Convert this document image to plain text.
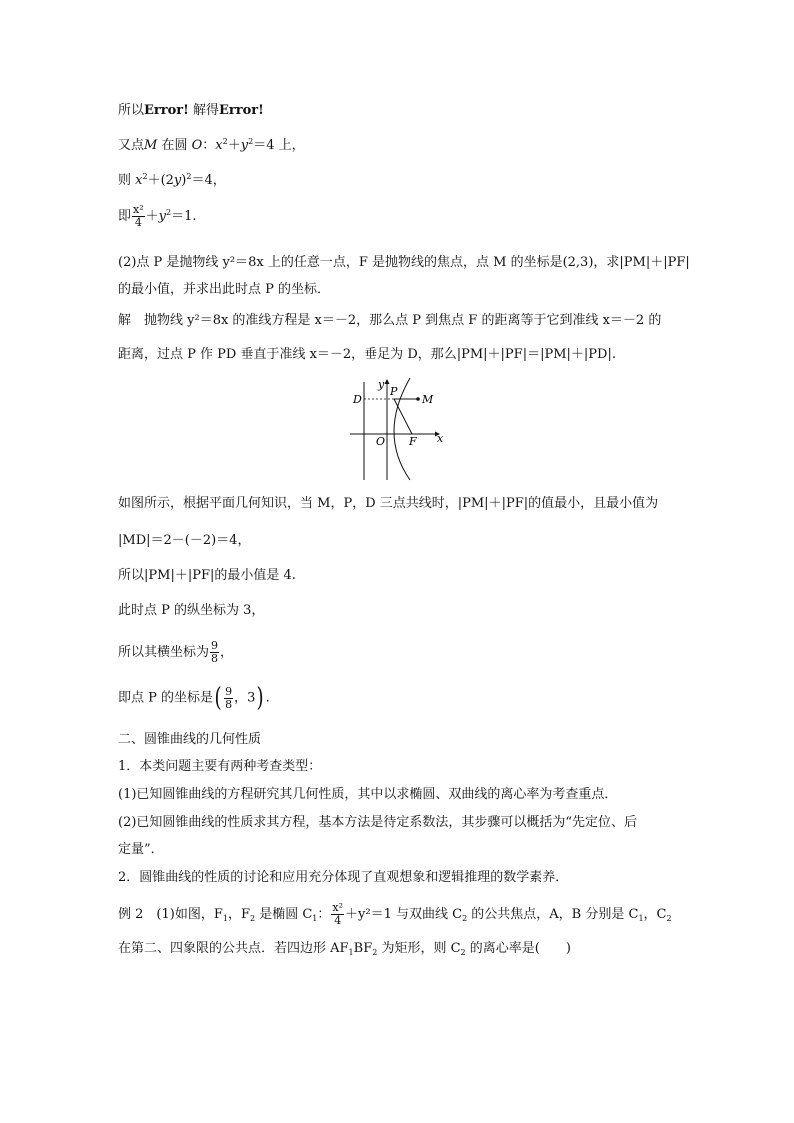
所以Error! 解得Error!
又点M 在圆 O：$x^2+y^2=4$ 上，
则 $x^2+(2y)^2=4$，
即 $\frac{\text{x²}}{4} +y^2=1$.
(2)点 P 是抛物线 y²＝8x 上的任意一点，F 是抛物线的焦点，点 M 的坐标是(2,3)，求|PM|＋|PF|
的最小值，并求出此时点 P 的坐标．
解　抛物线 y²＝8x 的准线方程是 x＝－2，那么点 P 到焦点 F 的距离等于它到准线 x＝－2 的
距离，过点 P 作 PD 垂直于准线 x＝－2，垂足为 D，那么|PM|＋|PF|＝|PM|＋|PD|.
y
P
M
D
O F x
如图所示，根据平面几何知识，当 M，P，D 三点共线时，|PM|＋|PF|的值最小，且最小值为
|MD|＝2－(－2)＝4，
所以|PM|＋|PF|的最小值是 4.
此时点 P 的纵坐标为 3，
所以其横坐标为 $\frac{9}{8}$ ，
即点 P 的坐标是( $\frac{9}{8}$ ，3) .
二、圆锥曲线的几何性质
1．本类问题主要有两种考查类型：
(1)已知圆锥曲线的方程研究其几何性质，其中以求椭圆、双曲线的离心率为考查重点．
(2)已知圆锥曲线的性质求其方程，基本方法是待定系数法，其步骤可以概括为“先定位、后
定量”．
2．圆锥曲线的性质的讨论和应用充分体现了直观想象和逻辑推理的数学素养．
例 2　(1)如图，$F_1$，$F_2$ 是椭圆 $C_1$： $\frac{\text{x²}}{4} +y^2=1$ 与双曲线 $C_2$ 的公共焦点，A，B 分别是 $C_1$，$C_2$
在第二、四象限的公共点．若四边形 $AF_1BF_2$ 为矩形，则 $C_2$ 的离心率是(　　)
